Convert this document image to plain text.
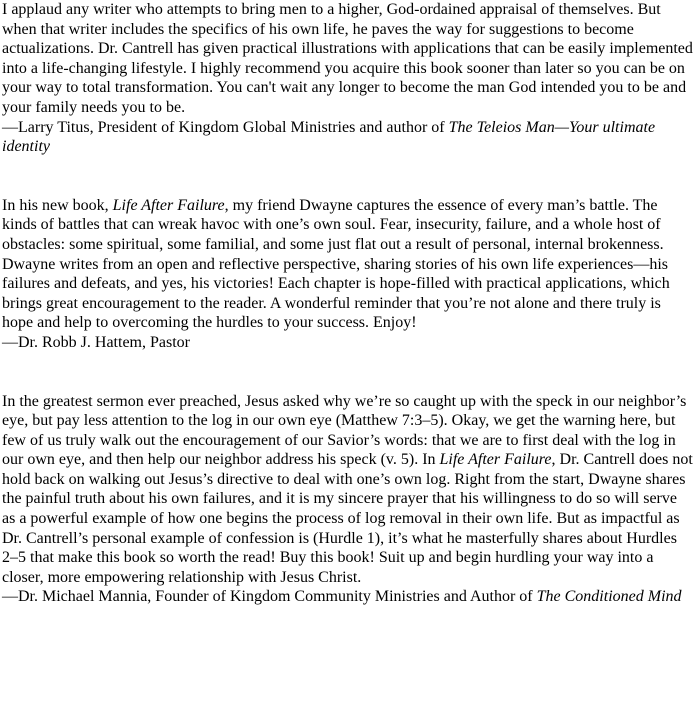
I applaud any writer who attempts to bring men to a higher, God-ordained appraisal of themselves. But when that writer includes the specifics of his own life, he paves the way for suggestions to become actualizations. Dr. Cantrell has given practical illustrations with applications that can be easily implemented into a life-changing lifestyle. I highly recommend you acquire this book sooner than later so you can be on your way to total transformation. You can't wait any longer to become the man God intended you to be and your family needs you to be.

—Larry Titus, President of Kingdom Global Ministries and author of The Teleios Man—Your ultimate identity

In his new book, Life After Failure, my friend Dwayne captures the essence of every man’s battle. The kinds of battles that can wreak havoc with one’s own soul. Fear, insecurity, failure, and a whole host of obstacles: some spiritual, some familial, and some just flat out a result of personal, internal brokenness. Dwayne writes from an open and reflective perspective, sharing stories of his own life experiences—his failures and defeats, and yes, his victories! Each chapter is hope-filled with practical applications, which brings great encouragement to the reader. A wonderful reminder that you’re not alone and there truly is hope and help to overcoming the hurdles to your success. Enjoy!

—Dr. Robb J. Hattem, Pastor

In the greatest sermon ever preached, Jesus asked why we’re so caught up with the speck in our neighbor’s eye, but pay less attention to the log in our own eye (Matthew 7:3–5). Okay, we get the warning here, but few of us truly walk out the encouragement of our Savior’s words: that we are to first deal with the log in our own eye, and then help our neighbor address his speck (v. 5). In Life After Failure, Dr. Cantrell does not hold back on walking out Jesus’s directive to deal with one’s own log. Right from the start, Dwayne shares the painful truth about his own failures, and it is my sincere prayer that his willingness to do so will serve as a powerful example of how one begins the process of log removal in their own life. But as impactful as Dr. Cantrell’s personal example of confession is (Hurdle 1), it’s what he masterfully shares about Hurdles 2–5 that make this book so worth the read! Buy this book! Suit up and begin hurdling your way into a closer, more empowering relationship with Jesus Christ.

—Dr. Michael Mannia, Founder of Kingdom Community Ministries and Author of The Conditioned Mind
